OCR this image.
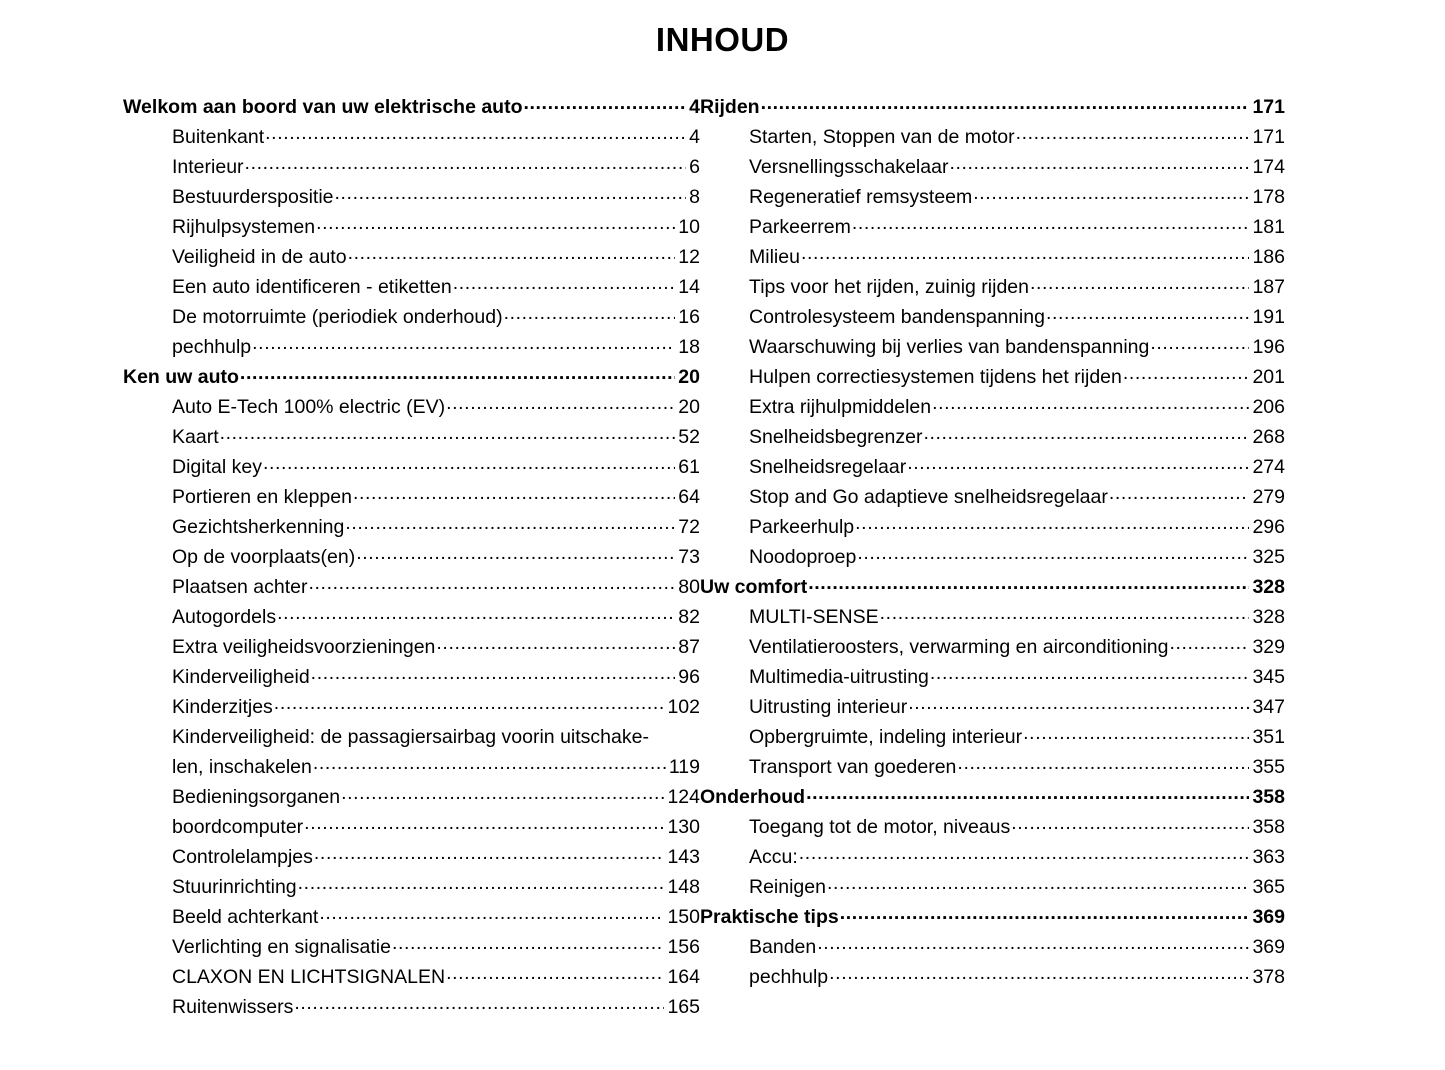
INHOUD
Welkom aan boord van uw elektrische auto .....	4
Buitenkant .....	4
Interieur .....	6
Bestuurderspositie .....	8
Rijhulpsystemen .....	10
Veiligheid in de auto .....	12
Een auto identificeren - etiketten .....	14
De motorruimte (periodiek onderhoud) .....	16
pechhulp .....	18
Ken uw auto .....	20
Auto E-Tech 100% electric (EV) .....	20
Kaart .....	52
Digital key .....	61
Portieren en kleppen .....	64
Gezichtsherkenning .....	72
Op de voorplaats(en) .....	73
Plaatsen achter .....	80
Autogordels .....	82
Extra veiligheidsvoorzieningen .....	87
Kinderveiligheid .....	96
Kinderzitjes .....	102
Kinderveiligheid: de passagiersairbag voorin uitschake-
len, inschakelen .....	119
Bedieningsorganen .....	124
boordcomputer .....	130
Controlelampjes .....	143
Stuurinrichting .....	148
Beeld achterkant .....	150
Verlichting en signalisatie .....	156
CLAXON EN LICHTSIGNALEN .....	164
Ruitenwissers .....	165
Rijden .....	171
Starten, Stoppen van de motor .....	171
Versnellingsschakelaar .....	174
Regeneratief remsysteem .....	178
Parkeerrem .....	181
Milieu .....	186
Tips voor het rijden, zuinig rijden .....	187
Controlesysteem bandenspanning .....	191
Waarschuwing bij verlies van bandenspanning .....	196
Hulpen correctiesystemen tijdens het rijden .....	201
Extra rijhulpmiddelen .....	206
Snelheidsbegrenzer .....	268
Snelheidsregelaar .....	274
Stop and Go adaptieve snelheidsregelaar .....	279
Parkeerhulp .....	296
Noodoproep .....	325
Uw comfort .....	328
MULTI-SENSE .....	328
Ventilatieroosters, verwarming en airconditioning .....	329
Multimedia-uitrusting .....	345
Uitrusting interieur .....	347
Opbergruimte, indeling interieur .....	351
Transport van goederen .....	355
Onderhoud .....	358
Toegang tot de motor, niveaus .....	358
Accu: .....	363
Reinigen .....	365
Praktische tips .....	369
Banden .....	369
pechhulp .....	378
